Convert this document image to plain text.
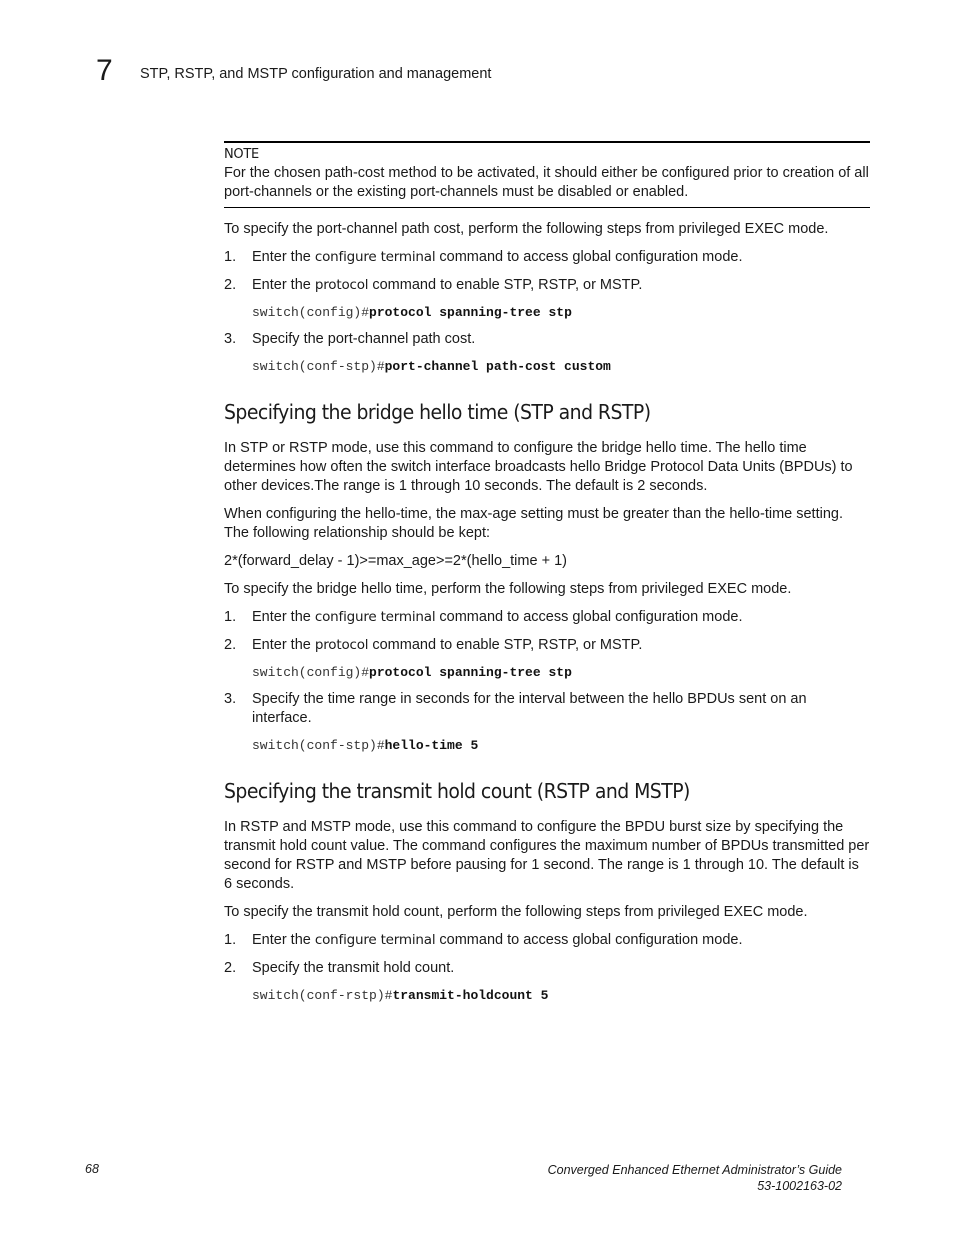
7 STP, RSTP, and MSTP configuration and management
NOTE
For the chosen path-cost method to be activated, it should either be configured prior to creation of all port-channels or the existing port-channels must be disabled or enabled.

To specify the port-channel path cost, perform the following steps from privileged EXEC mode.

1. Enter the configure terminal command to access global configuration mode.
2. Enter the protocol command to enable STP, RSTP, or MSTP.
switch(config)#protocol spanning-tree stp
3. Specify the port-channel path cost.
switch(conf-stp)#port-channel path-cost custom
Specifying the bridge hello time (STP and RSTP)

In STP or RSTP mode, use this command to configure the bridge hello time. The hello time determines how often the switch interface broadcasts hello Bridge Protocol Data Units (BPDUs) to other devices.The range is 1 through 10 seconds. The default is 2 seconds.

When configuring the hello-time, the max-age setting must be greater than the hello-time setting. The following relationship should be kept:

2*(forward_delay - 1)>=max_age>=2*(hello_time + 1)

To specify the bridge hello time, perform the following steps from privileged EXEC mode.

1. Enter the configure terminal command to access global configuration mode.
2. Enter the protocol command to enable STP, RSTP, or MSTP.
switch(config)#protocol spanning-tree stp
3. Specify the time range in seconds for the interval between the hello BPDUs sent on an interface.
switch(conf-stp)#hello-time 5
Specifying the transmit hold count (RSTP and MSTP)

In RSTP and MSTP mode, use this command to configure the BPDU burst size by specifying the transmit hold count value. The command configures the maximum number of BPDUs transmitted per second for RSTP and MSTP before pausing for 1 second. The range is 1 through 10. The default is 6 seconds.

To specify the transmit hold count, perform the following steps from privileged EXEC mode.

1. Enter the configure terminal command to access global configuration mode.
2. Specify the transmit hold count.
switch(conf-rstp)#transmit-holdcount 5
68	Converged Enhanced Ethernet Administrator’s Guide
53-1002163-02
